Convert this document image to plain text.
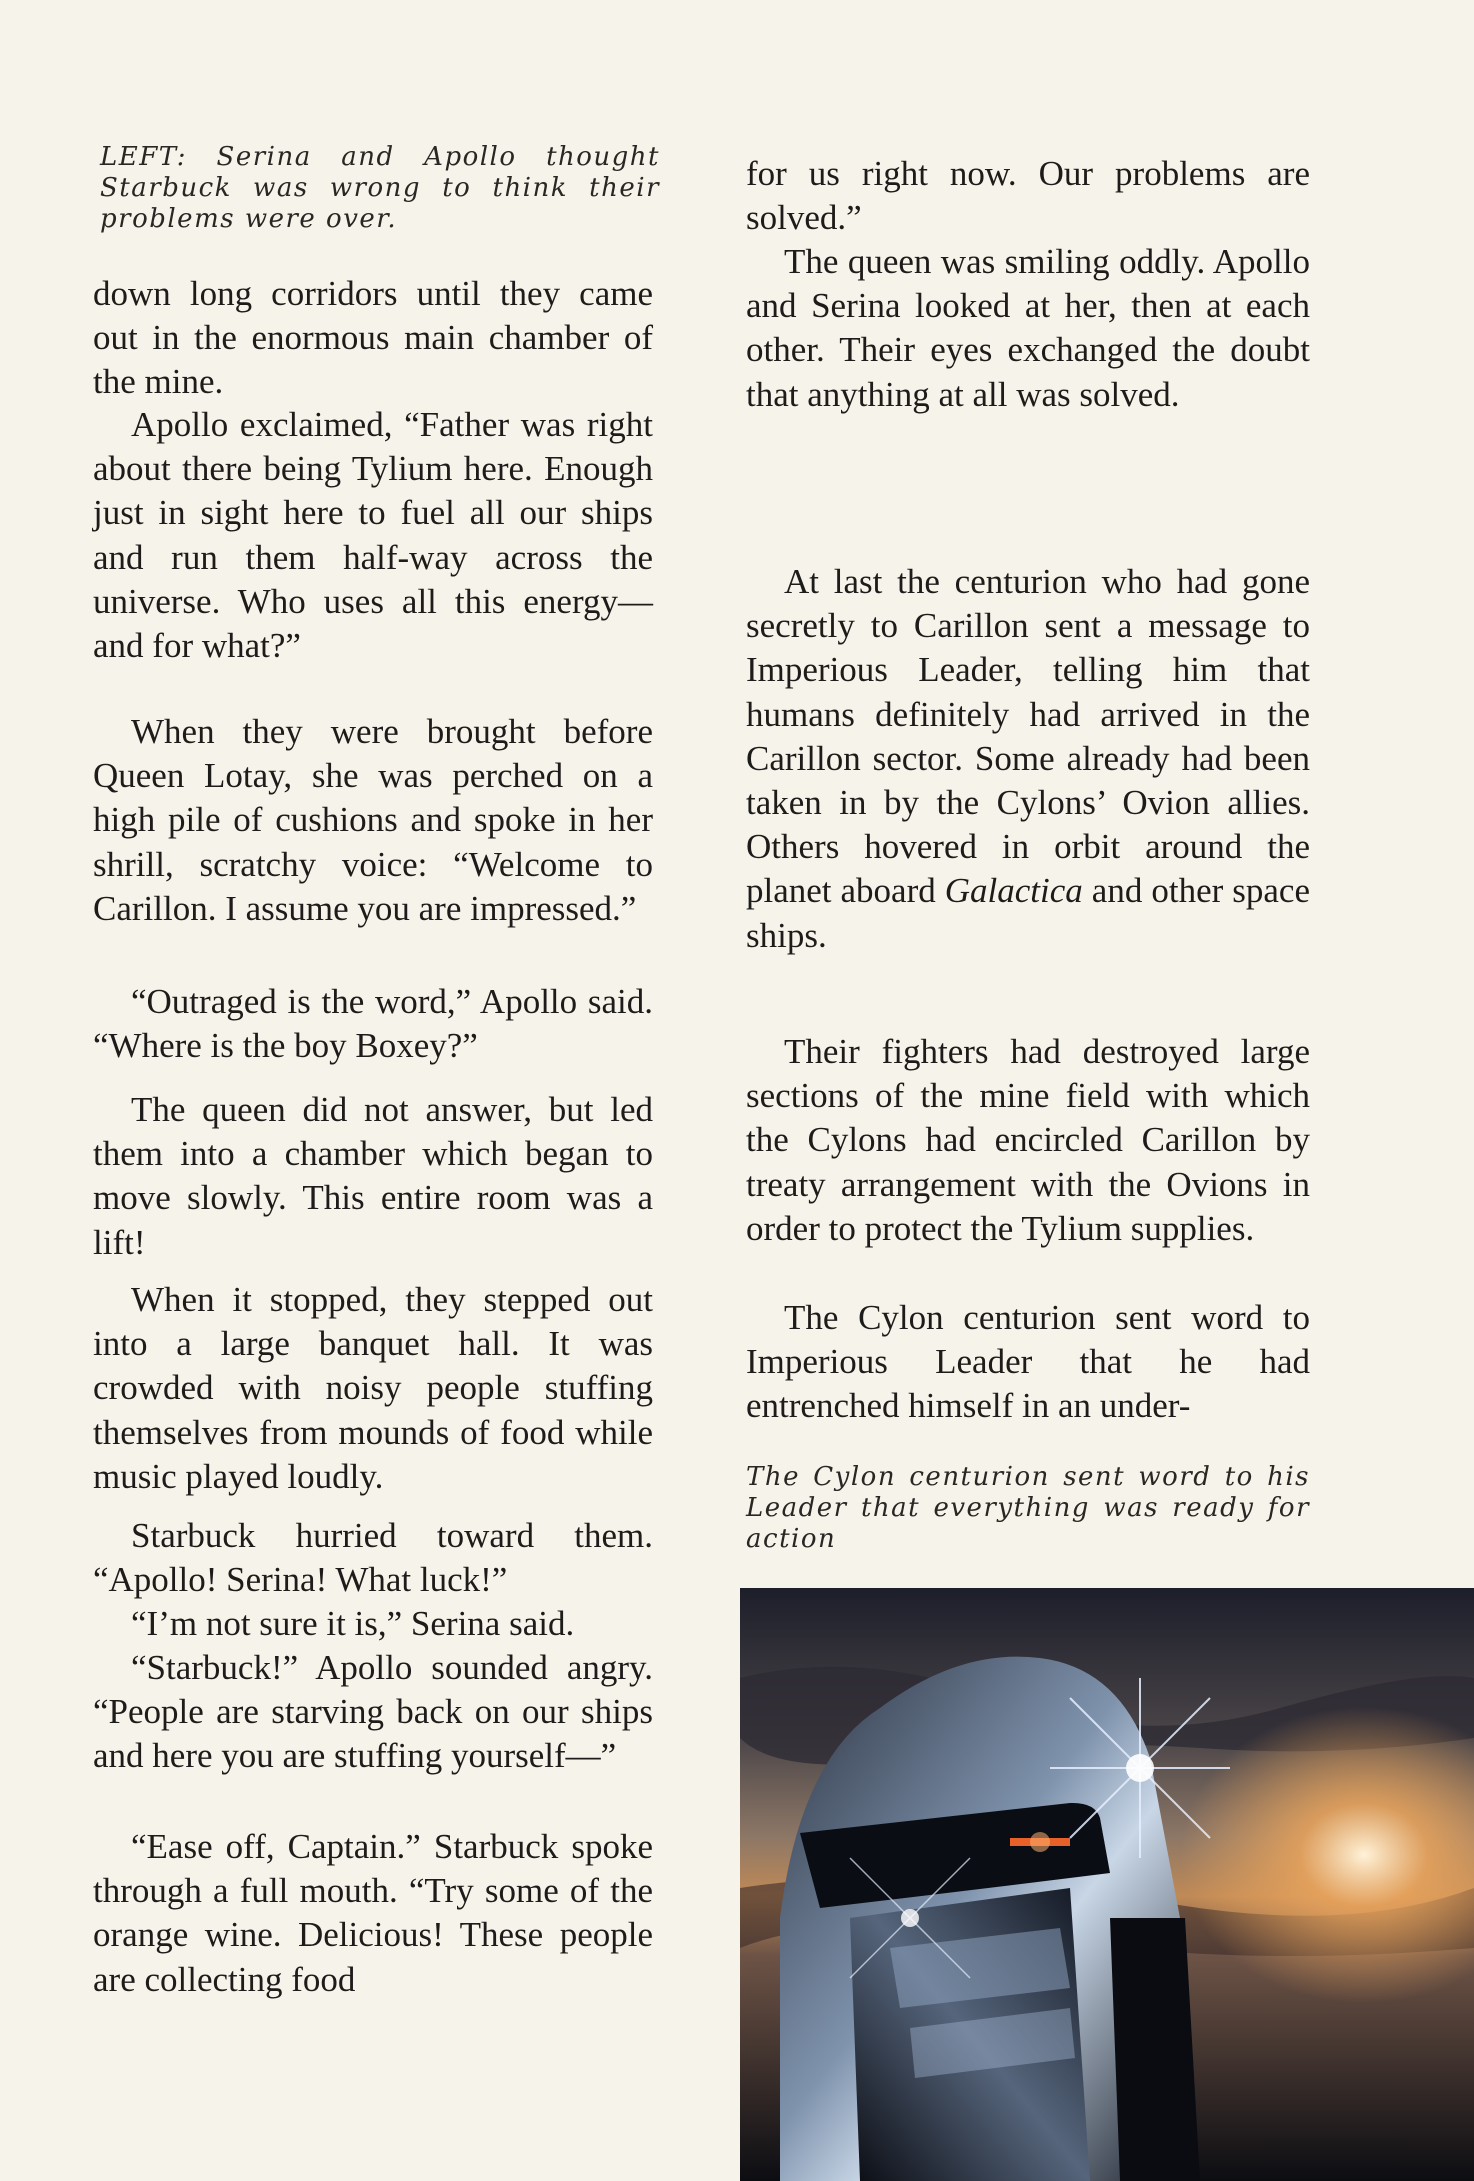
LEFT: Serina and Apollo thought Starbuck was wrong to think their problems were over.

down long corridors until they came out in the enormous main chamber of the mine.

Apollo exclaimed, “Father was right about there being Tylium here. Enough just in sight here to fuel all our ships and run them half-way across the universe. Who uses all this energy—and for what?”

When they were brought before Queen Lotay, she was perched on a high pile of cushions and spoke in her shrill, scratchy voice: “Welcome to Carillon. I assume you are impressed.”

“Outraged is the word,” Apollo said. “Where is the boy Boxey?”

The queen did not answer, but led them into a chamber which began to move slowly. This entire room was a lift!

When it stopped, they stepped out into a large banquet hall. It was crowded with noisy people stuffing themselves from mounds of food while music played loudly.

Starbuck hurried toward them. “Apollo! Serina! What luck!”

“I’m not sure it is,” Serina said.

“Starbuck!” Apollo sounded angry. “People are starving back on our ships and here you are stuffing yourself—”

“Ease off, Captain.” Starbuck spoke through a full mouth. “Try some of the orange wine. Delicious! These people are collecting food

for us right now. Our problems are solved.”

The queen was smiling oddly. Apollo and Serina looked at her, then at each other. Their eyes exchanged the doubt that anything at all was solved.

At last the centurion who had gone secretly to Carillon sent a message to Imperious Leader, telling him that humans definitely had arrived in the Carillon sector. Some already had been taken in by the Cylons’ Ovion allies. Others hovered in orbit around the planet aboard Galactica and other space ships.

Their fighters had destroyed large sections of the mine field with which the Cylons had encircled Carillon by treaty arrangement with the Ovions in order to protect the Tylium supplies.

The Cylon centurion sent word to Imperious Leader that he had entrenched himself in an under-

The Cylon centurion sent word to his Leader that everything was ready for action
